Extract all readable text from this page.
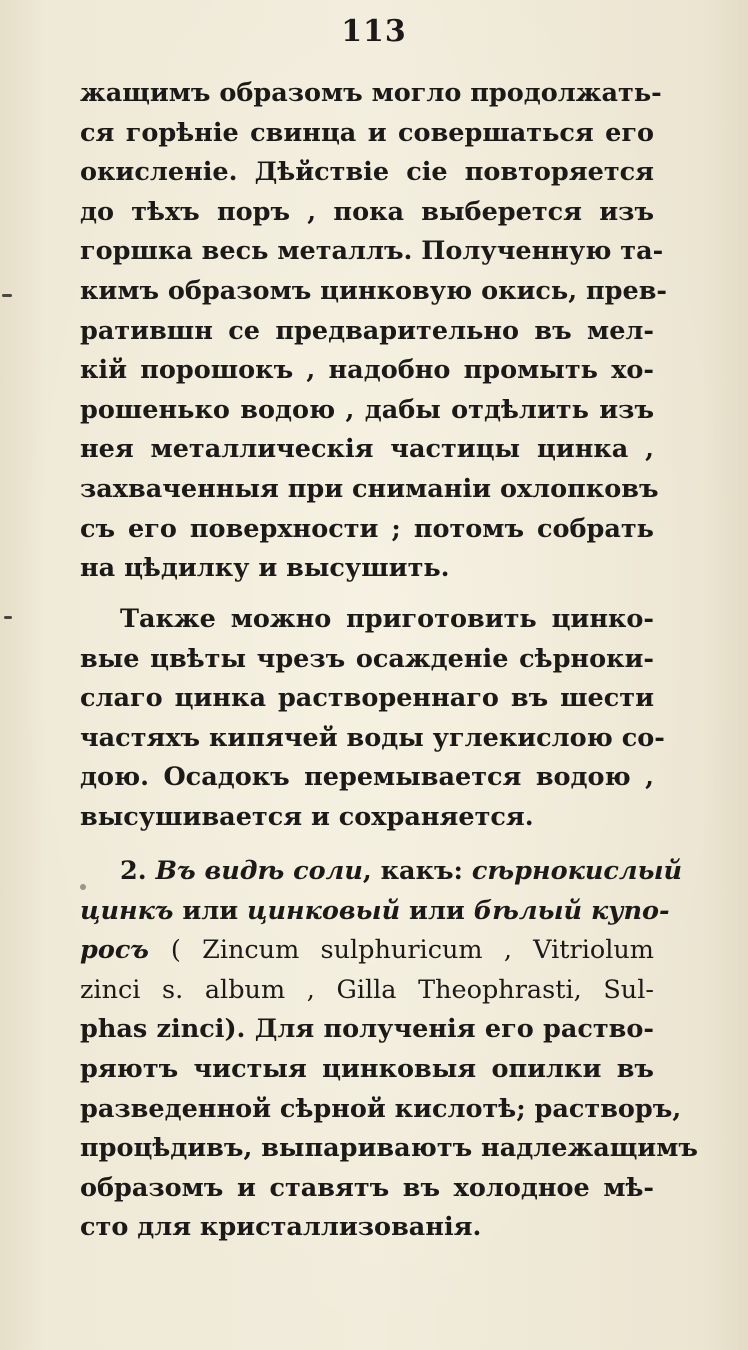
113
жащимъ образомъ могло продолжать-
ся горѣніе свинца и совершаться его
окисленіе. Дѣйствіе сіе повторяется
до тѣхъ поръ , пока выберется изъ
горшка весь металлъ. Полученную та-
кимъ образомъ цинковую окись, прев-
ратившн се предварительно въ мел-
кій порошокъ , надобно промыть хо-
рошенько водою , дабы отдѣлить изъ
нея металлическія частицы цинка ,
захваченныя при сниманіи охлопковъ
съ его поверхности ; потомъ собрать
на цѣдилку и высушить.
Также можно приготовить цинко-
вые цвѣты чрезъ осажденіе сѣрноки-
слаго цинка раствореннаго въ шести
частяхъ кипячей воды углекислою со-
дою. Осадокъ перемывается водою ,
высушивается и сохраняется.
2. Въ видѣ соли, какъ: сѣрнокислый
цинкъ или цинковый или бѣлый купо-
росъ ( Zincum sulphuricum , Vitriolum
zinci s. album , Gilla Theophrasti, Sul-
phas zinci). Для полученія его раство-
ряютъ чистыя цинковыя опилки въ
разведенной сѣрной кислотѣ; растворъ,
процѣдивъ, выпариваютъ надлежащимъ
образомъ и ставятъ въ холодное мѣ-
сто для кристаллизованія.
